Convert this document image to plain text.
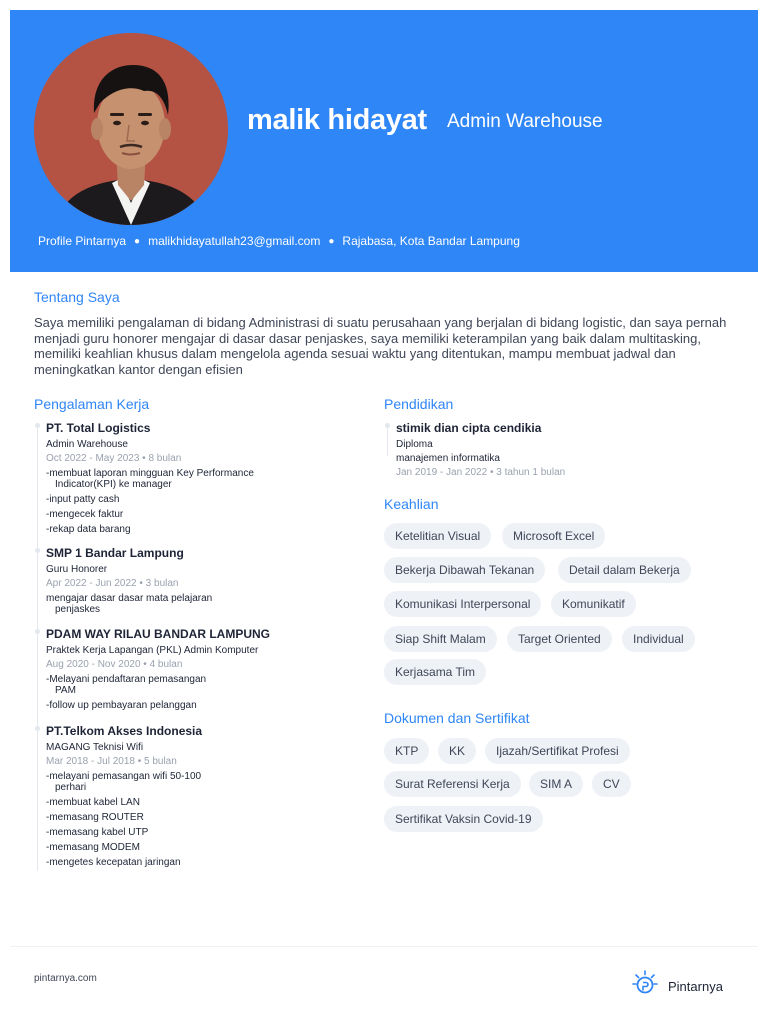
malik hidayat Admin Warehouse
Profile Pintarnya ● malikhidayatullah23@gmail.com ● Rajabasa, Kota Bandar Lampung
Tentang Saya
Saya memiliki pengalaman di bidang Administrasi di suatu perusahaan yang berjalan di bidang logistic, dan saya pernah menjadi guru honorer mengajar di dasar dasar penjaskes, saya memiliki keterampilan yang baik dalam multitasking, memiliki keahlian khusus dalam mengelola agenda sesuai waktu yang ditentukan, mampu membuat jadwal dan meningkatkan kantor dengan efisien
Pengalaman Kerja
PT. Total Logistics
Admin Warehouse
Oct 2022 - May 2023 • 8 bulan
-membuat laporan mingguan Key Performance
Indicator(KPI) ke manager
-input patty cash
-mengecek faktur
-rekap data barang
SMP 1 Bandar Lampung
Guru Honorer
Apr 2022 - Jun 2022 • 3 bulan
mengajar dasar dasar mata pelajaran
penjaskes
PDAM WAY RILAU BANDAR LAMPUNG
Praktek Kerja Lapangan (PKL) Admin Komputer
Aug 2020 - Nov 2020 • 4 bulan
-Melayani pendaftaran pemasangan
PAM
-follow up pembayaran pelanggan
PT.Telkom Akses Indonesia
MAGANG Teknisi Wifi
Mar 2018 - Jul 2018 • 5 bulan
-melayani pemasangan wifi 50-100
perhari
-membuat kabel LAN
-memasang ROUTER
-memasang kabel UTP
-memasang MODEM
-mengetes kecepatan jaringan
Pendidikan
stimik dian cipta cendikia
Diploma
manajemen informatika
Jan 2019 - Jan 2022 • 3 tahun 1 bulan
Keahlian
Ketelitian Visual	Microsoft Excel
Bekerja Dibawah Tekanan	Detail dalam Bekerja
Komunikasi Interpersonal	Komunikatif
Siap Shift Malam	Target Oriented	Individual
Kerjasama Tim
Dokumen dan Sertifikat
KTP	KK	Ijazah/Sertifikat Profesi
Surat Referensi Kerja	SIM A	CV
Sertifikat Vaksin Covid-19
pintarnya.com
Pintarnya
